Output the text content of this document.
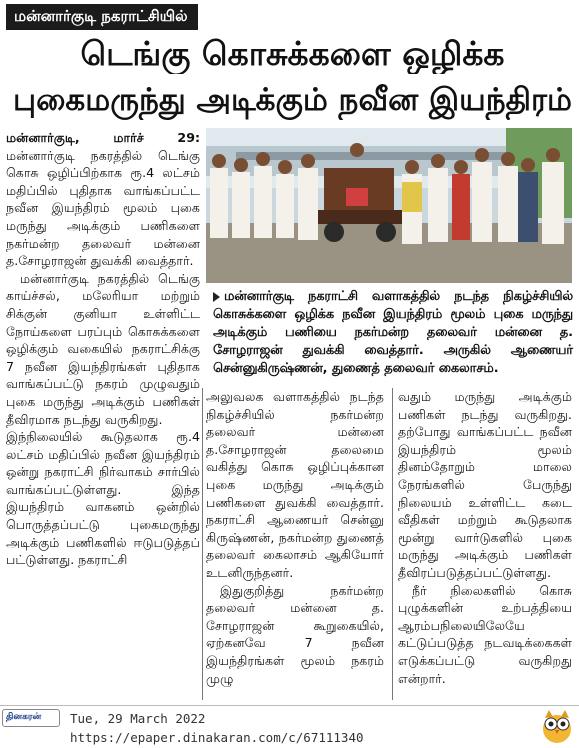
மன்னார்குடி நகராட்சியில்
டெங்கு கொசுக்களை ஒழிக்க
புகைமருந்து அடிக்கும் நவீன இயந்திரம்

மன்னார்குடி, மார்ச் 29: மன்னார்குடி நகரத்தில் டெங்கு கொசு ஒழிப்பிற்காக ரூ.4 லட்சம் மதிப்பில் புதிதாக வாங்கப்பட்ட நவீன இயந்திரம் மூலம் புகை மருந்து அடிக்கும் பணிகளை நகர்மன்ற தலைவர் மன்னை த.சோழராஜன் துவக்கி வைத்தார்.

மன்னார்குடி நகரத்தில் டெங்கு காய்ச்சல், மலேரியா மற்றும் சிக்குன் குனியா உள்ளிட்ட நோய்களை பரப்பும் கொசுக்களை ஒழிக்கும் வகையில் நகராட்சிக்கு 7 நவீன இயந்திரங்கள் புதிதாக வாங்கப்பட்டு நகரம் முழுவதும் புகை மருந்து அடிக்கும் பணிகள் தீவிரமாக நடந்து வருகிறது.

இந்நிலையில் கூடுதலாக ரூ.4 லட்சம் மதிப்பில் நவீன இயந்திரம் ஒன்று நகராட்சி நிர்வாகம் சார்பில் வாங்கப்பட்டுள்ளது. இந்த இயந்திரம் வாகனம் ஒன்றில் பொருத்தப்பட்டு புகைமருந்து அடிக்கும் பணிகளில் ஈடுபடுத்தப் பட்டுள்ளது. நகராட்சி

மன்னார்குடி நகராட்சி வளாகத்தில் நடந்த நிகழ்ச்சியில் கொசுக்களை ஒழிக்க நவீன இயந்திரம் மூலம் புகை மருந்து அடிக்கும் பணியை நகர்மன்ற தலைவர் மன்னை த. சோழராஜன் துவக்கி வைத்தார். அருகில் ஆணையர் சென்னுகிருஷ்ணன், துணைத் தலைவர் கைலாசம்.

அலுவலக வளாகத்தில் நடந்த நிகழ்ச்சியில் நகர்மன்ற தலைவர் மன்னை த.சோழராஜன் தலைமை வகித்து கொசு ஒழிப்புக்கான புகை மருந்து அடிக்கும் பணிகளை துவக்கி வைத்தார். நகராட்சி ஆணையர் சென்னு கிருஷ்ணன், நகர்மன்ற துணைத் தலைவர் கைலாசம் ஆகியோர் உடனிருந்தனர்.

இதுகுறித்து நகர்மன்ற தலைவர் மன்னை த. சோழராஜன் கூறுகையில், ஏற்கனவே 7 நவீன இயந்திரங்கள் மூலம் நகரம் முழு

வதும் மருந்து அடிக்கும் பணிகள் நடந்து வருகிறது. தற்போது வாங்கப்பட்ட நவீன இயந்திரம் மூலம் தினம்தோறும் மாலை நேரங்களில் பேருந்து நிலையம் உள்ளிட்ட கடை வீதிகள் மற்றும் கூடுதலாக மூன்று வார்டுகளில் புகை மருந்து அடிக்கும் பணிகள் தீவிரப்படுத்தப்பட்டுள்ளது.

நீர் நிலைகளில் கொசு புழுக்களின் உற்பத்தியை ஆரம்பநிலையிலேயே கட்டுப்படுத்த நடவடிக்கைகள் எடுக்கப்பட்டு வருகிறது என்றார்.

தினகரன்	Tue, 29 March 2022
https://epaper.dinakaran.com/c/67111340
